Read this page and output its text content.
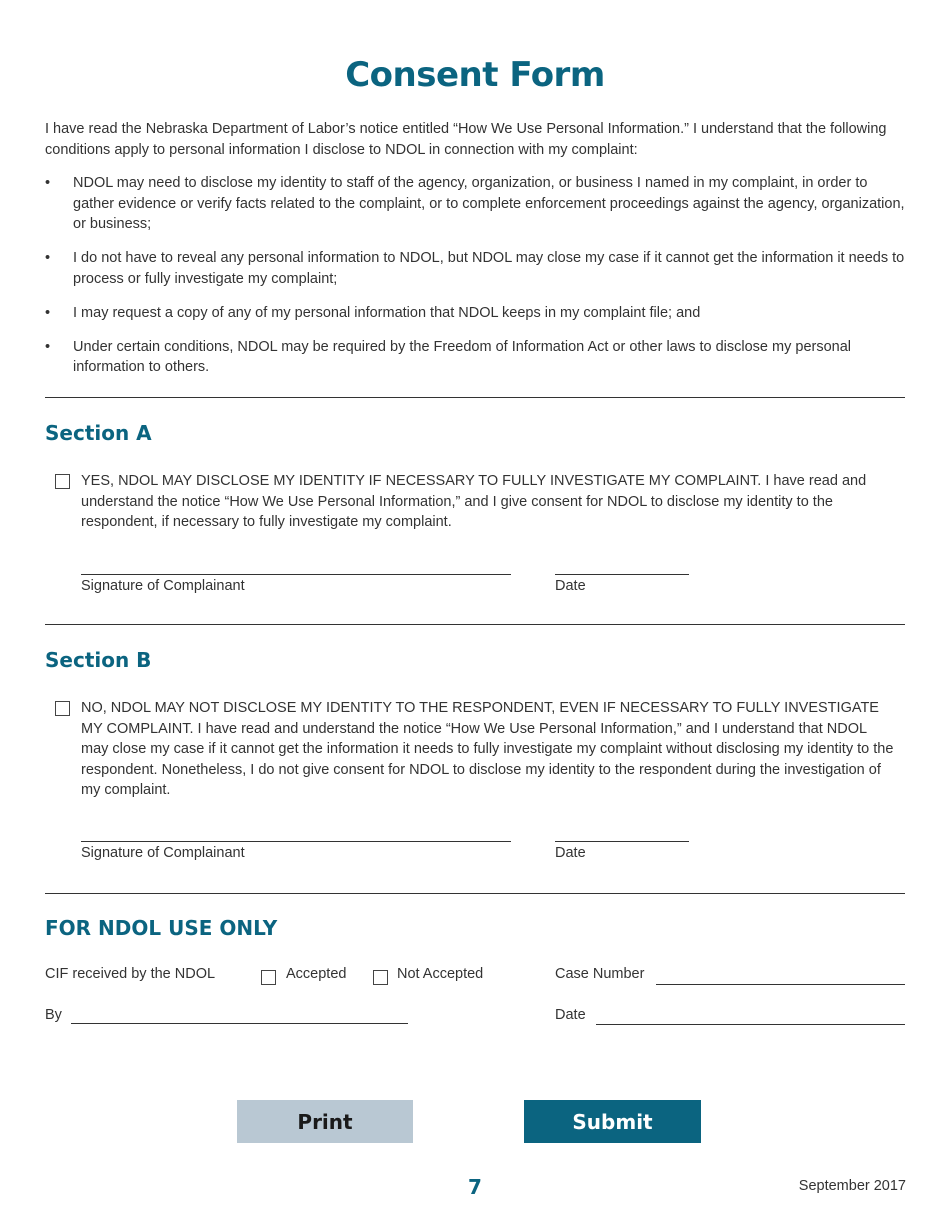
Consent Form

I have read the Nebraska Department of Labor’s notice entitled “How We Use Personal Information.” I understand that the following conditions apply to personal information I disclose to NDOL in connection with my complaint:

• NDOL may need to disclose my identity to staff of the agency, organization, or business I named in my complaint, in order to gather evidence or verify facts related to the complaint, or to complete enforcement proceedings against the agency, organization, or business;
• I do not have to reveal any personal information to NDOL, but NDOL may close my case if it cannot get the information it needs to process or fully investigate my complaint;
• I may request a copy of any of my personal information that NDOL keeps in my complaint file; and
• Under certain conditions, NDOL may be required by the Freedom of Information Act or other laws to disclose my personal information to others.
Section A

YES, NDOL MAY DISCLOSE MY IDENTITY IF NECESSARY TO FULLY INVESTIGATE MY COMPLAINT. I have read and understand the notice “How We Use Personal Information,” and I give consent for NDOL to disclose my identity to the respondent, if necessary to fully investigate my complaint.

Signature of Complainant	Date
Section B

NO, NDOL MAY NOT DISCLOSE MY IDENTITY TO THE RESPONDENT, EVEN IF NECESSARY TO FULLY INVESTIGATE MY COMPLAINT. I have read and understand the notice “How We Use Personal Information,” and I understand that NDOL may close my case if it cannot get the information it needs to fully investigate my complaint without disclosing my identity to the respondent. Nonetheless, I do not give consent for NDOL to disclose my identity to the respondent during the investigation of my complaint.

Signature of Complainant	Date
FOR NDOL USE ONLY
CIF received by the NDOL	Accepted	Not Accepted	Case Number
By	Date
Print	Submit
7	September 2017
